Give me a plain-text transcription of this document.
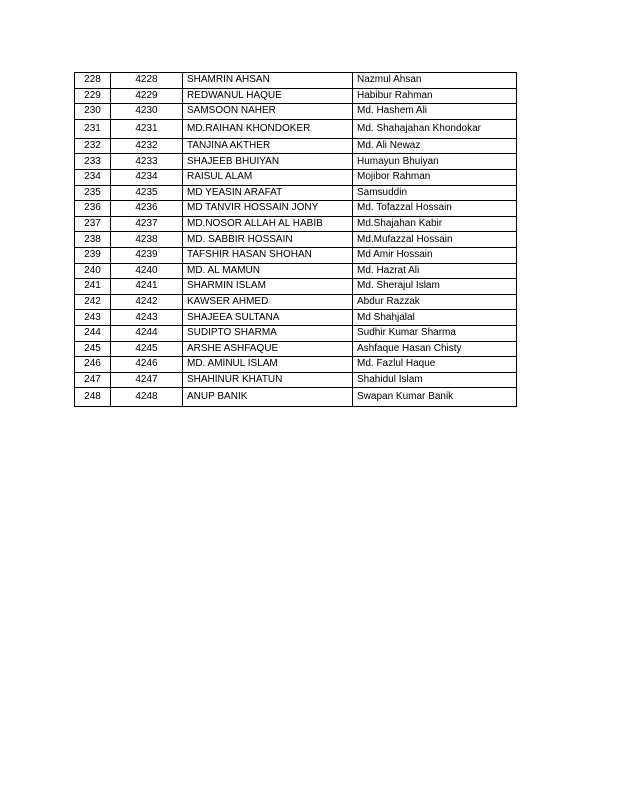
228	4228	SHAMRIN AHSAN	Nazmul Ahsan
229	4229	REDWANUL HAQUE	Habibur Rahman
230	4230	SAMSOON NAHER	Md. Hashem Ali
231	4231	MD.RAIHAN KHONDOKER	Md. Shahajahan Khondokar
232	4232	TANJINA AKTHER	Md. Ali Newaz
233	4233	SHAJEEB BHUIYAN	Humayun Bhuiyan
234	4234	RAISUL ALAM	Mojibor Rahman
235	4235	MD YEASIN ARAFAT	Samsuddin
236	4236	MD TANVIR HOSSAIN JONY	Md. Tofazzal Hossain
237	4237	MD.NOSOR ALLAH AL HABIB	Md.Shajahan Kabir
238	4238	MD. SABBIR HOSSAIN	Md.Mufazzal Hossain
239	4239	TAFSHIR HASAN SHOHAN	Md Amir Hossain
240	4240	MD. AL MAMUN	Md. Hazrat Ali
241	4241	SHARMIN ISLAM	Md. Sherajul Islam
242	4242	KAWSER AHMED	Abdur Razzak
243	4243	SHAJEEA SULTANA	Md Shahjalal
244	4244	SUDIPTO SHARMA	Sudhir Kumar Sharma
245	4245	ARSHE ASHFAQUE	Ashfaque Hasan Chisty
246	4246	MD. AMINUL ISLAM	Md. Fazlul Haque
247	4247	SHAHINUR KHATUN	Shahidul Islam
248	4248	ANUP BANIK	Swapan Kumar Banik
